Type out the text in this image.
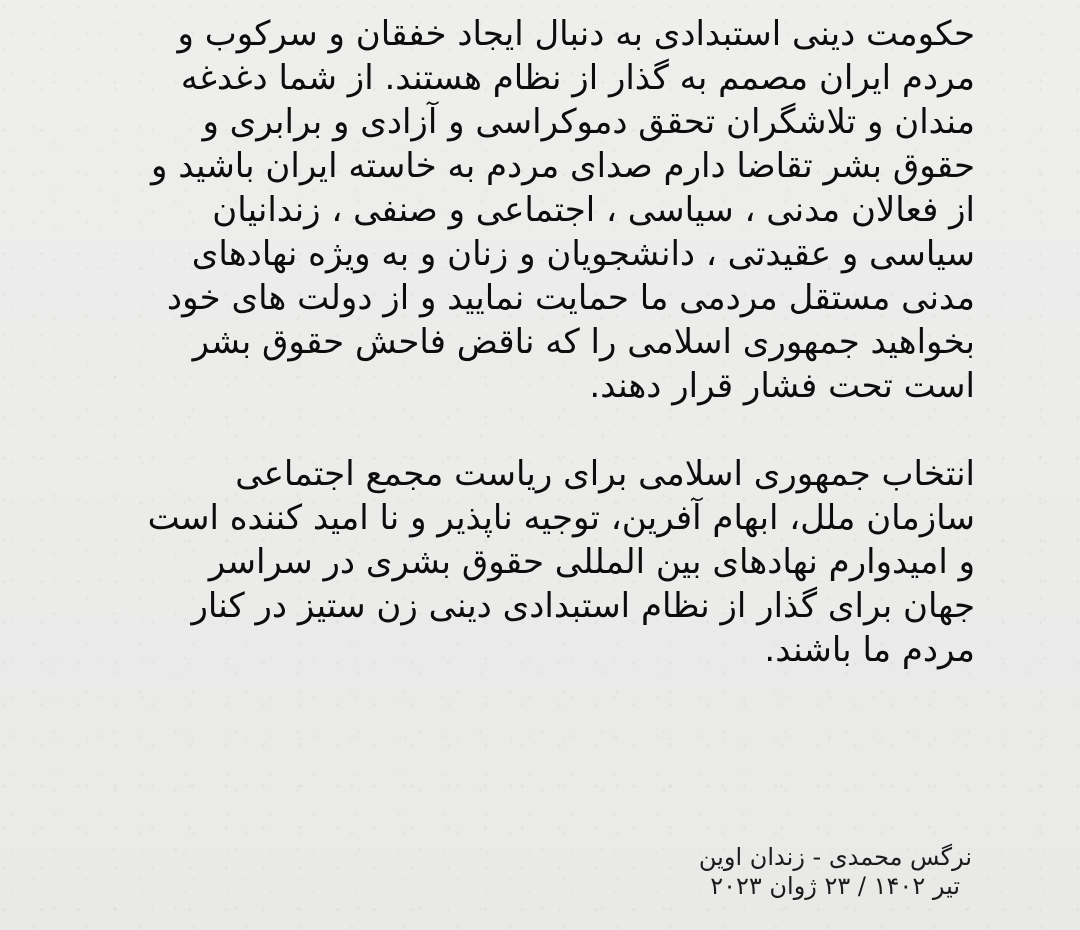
حکومت دینی استبدادی به دنبال ایجاد خفقان و سرکوب و مردم ایران مصمم به گذار از نظام هستند. از شما دغدغه مندان و تلاشگران تحقق دموکراسی و آزادی و برابری و حقوق بشر تقاضا دارم صدای مردم به خاسته ایران باشید و از فعالان مدنی ، سیاسی ، اجتماعی و صنفی ، زندانیان سیاسی و عقیدتی ، دانشجویان و زنان و به ویژه نهادهای مدنی مستقل مردمی ما حمایت نمایید و از دولت های خود بخواهید جمهوری اسلامی را که ناقض فاحش حقوق بشر است تحت فشار قرار دهند.

انتخاب جمهوری اسلامی برای ریاست مجمع اجتماعی سازمان ملل، ابهام آفرین، توجیه ناپذیر و نا امید کننده است و امیدوارم نهادهای بین المللی حقوق بشری در سراسر جهان برای گذار از نظام استبدادی دینی زن ستیز در کنار مردم ما باشند.

نرگس محمدی - زندان اوین
تیر ۱۴۰۲ / ۲۳ ژوان ۲۰۲۳
